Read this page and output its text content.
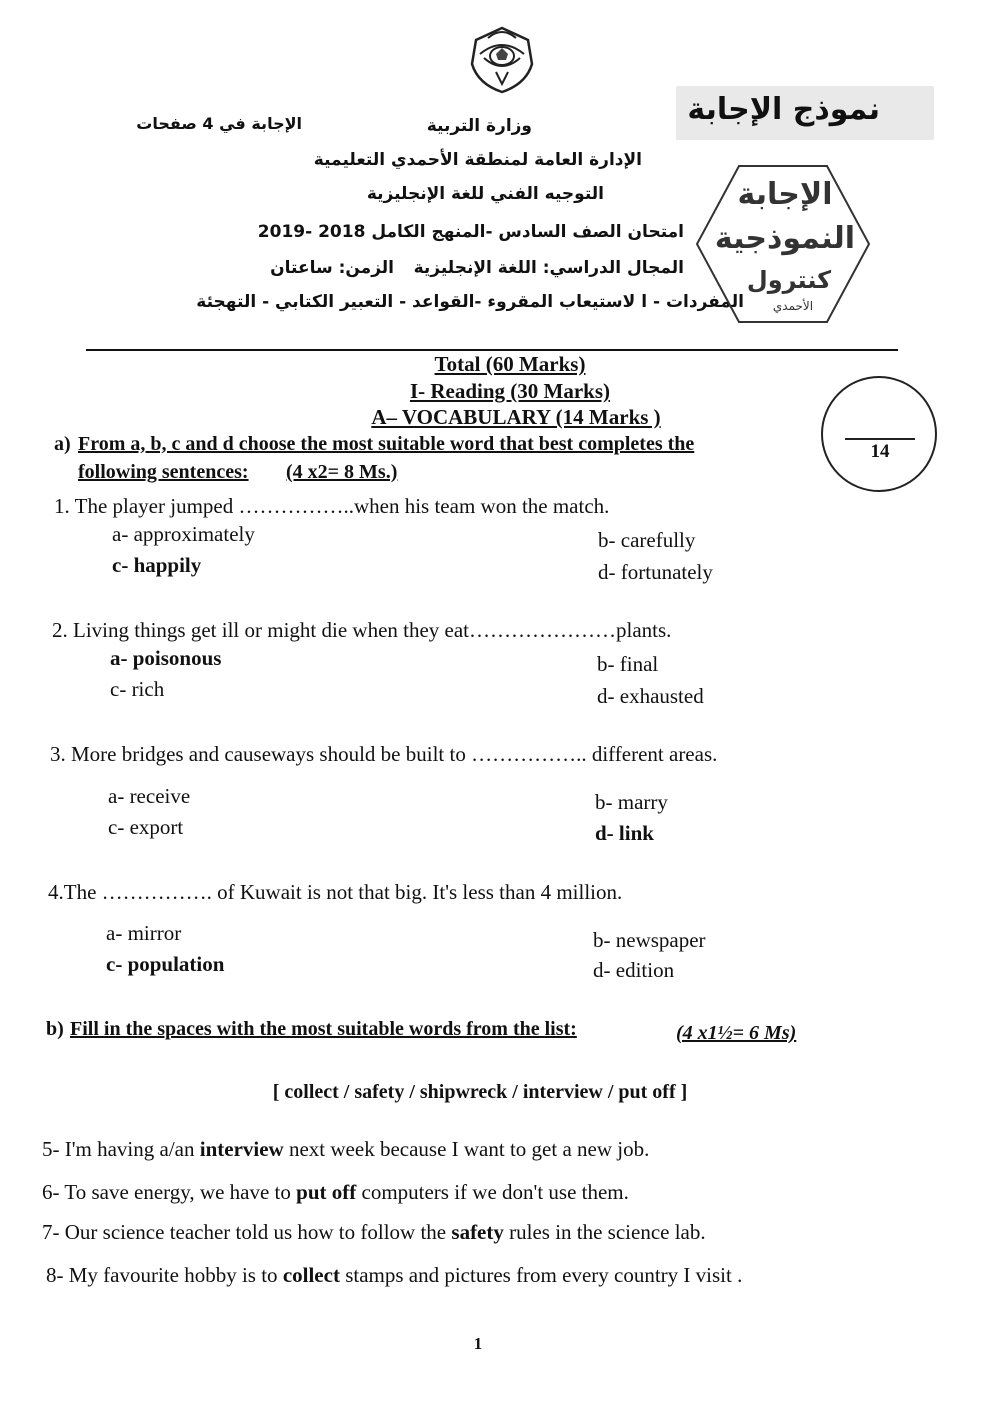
نموذج الإجابة
الإجابة في 4 صفحات	وزارة التربية
الإدارة العامة لمنطقة الأحمدي التعليمية
التوجيه الفني للغة الإنجليزية
امتحان الصف السادس -المنهج الكامل 2018 -2019
المجال الدراسي: اللغة الإنجليزية
الزمن: ساعتان
المفردات - ا لاستيعاب المقروء -القواعد - التعبير الكتابي - التهجئة
الإجابة
النموذجية
كنترول
الأحمدي
Total (60 Marks)
I- Reading (30 Marks)
A– VOCABULARY (14 Marks )
14
a) From a, b, c and d choose the most suitable word that best completes the
following sentences: (4 x2= 8 Ms.)
1. The player jumped ……………..when his team won the match.
a- approximately	b- carefully
c- happily	d- fortunately
2. Living things get ill or might die when they eat…………………plants.
a- poisonous	b- final
c- rich	d- exhausted
3. More bridges and causeways should be built to …………….. different areas.
a- receive	b- marry
c- export	d- link
4.The ……………. of Kuwait is not that big. It's less than 4 million.
a- mirror	b- newspaper
c- population	d- edition
b) Fill in the spaces with the most suitable words from the list:	(4 x1½= 6 Ms)
[ collect / safety / shipwreck / interview / put off ]
5- I'm having a/an interview next week because I want to get a new job.
6- To save energy, we have to put off computers if we don't use them.
7- Our science teacher told us how to follow the safety rules in the science lab.
8- My favourite hobby is to collect stamps and pictures from every country I visit .
1
